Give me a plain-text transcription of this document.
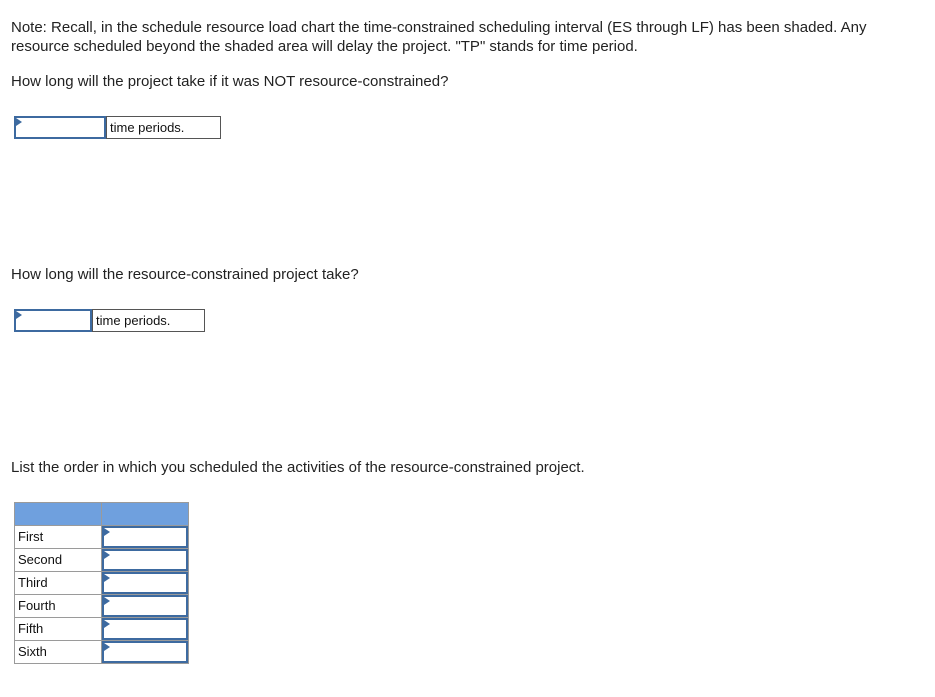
Note: Recall, in the schedule resource load chart the time-constrained scheduling interval (ES through LF) has been shaded. Any resource scheduled beyond the shaded area will delay the project. "TP" stands for time period.

How long will the project take if it was NOT resource-constrained?

time periods.

How long will the resource-constrained project take?

time periods.

List the order in which you scheduled the activities of the resource-constrained project.

First	

Second	

Third	

Fourth	

Fifth	

Sixth	
